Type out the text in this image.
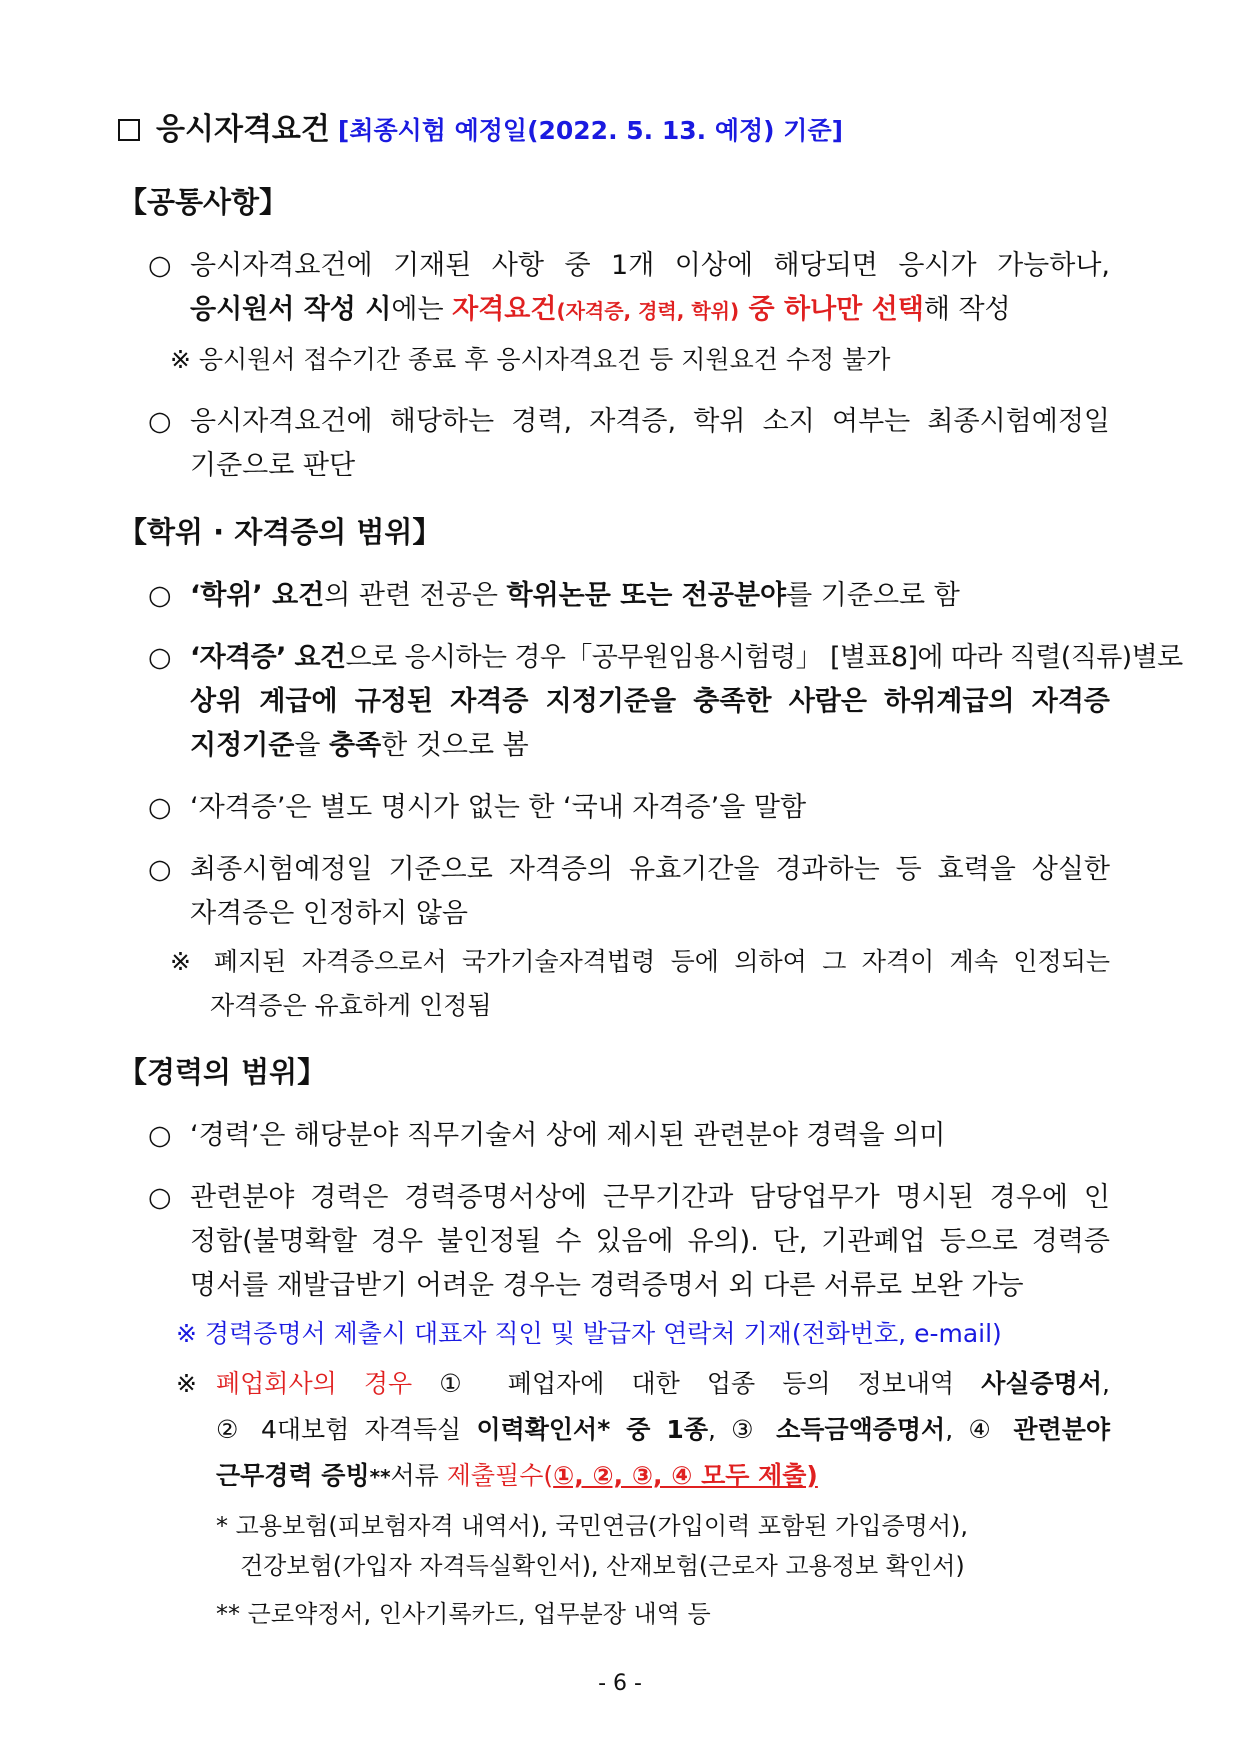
응시자격요건 [최종시험 예정일(2022. 5. 13. 예정) 기준]
【공통사항】
○ 응시자격요건에 기재된 사항 중 1개 이상에 해당되면 응시가 가능하나,
응시원서 작성 시에는 자격요건(자격증, 경력, 학위) 중 하나만 선택해 작성
※ 응시원서 접수기간 종료 후 응시자격요건 등 지원요건 수정 불가
○ 응시자격요건에 해당하는 경력, 자격증, 학위 소지 여부는 최종시험예정일
기준으로 판단
【학위 · 자격증의 범위】
○ ‘학위’ 요건의 관련 전공은 학위논문 또는 전공분야를 기준으로 함
○ ‘자격증’ 요건으로 응시하는 경우「공무원임용시험령」 [별표8]에 따라 직렬(직류)별로
상위 계급에 규정된 자격증 지정기준을 충족한 사람은 하위계급의 자격증
지정기준을 충족한 것으로 봄
○ ‘자격증’은 별도 명시가 없는 한 ‘국내 자격증’을 말함
○ 최종시험예정일 기준으로 자격증의 유효기간을 경과하는 등 효력을 상실한
자격증은 인정하지 않음
※ 폐지된 자격증으로서 국가기술자격법령 등에 의하여 그 자격이 계속 인정되는
자격증은 유효하게 인정됨
【경력의 범위】
○ ‘경력’은 해당분야 직무기술서 상에 제시된 관련분야 경력을 의미
○ 관련분야 경력은 경력증명서상에 근무기간과 담당업무가 명시된 경우에 인
정함(불명확할 경우 불인정될 수 있음에 유의). 단, 기관폐업 등으로 경력증
명서를 재발급받기 어려운 경우는 경력증명서 외 다른 서류로 보완 가능
※ 경력증명서 제출시 대표자 직인 및 발급자 연락처 기재(전화번호, e-mail)
※ 폐업회사의 경우 ① 폐업자에 대한 업종 등의 정보내역 사실증명서,
② 4대보험 자격득실 이력확인서* 중 1종, ③ 소득금액증명서, ④ 관련분야
근무경력 증빙**서류 제출필수(①, ②, ③, ④ 모두 제출)
* 고용보험(피보험자격 내역서), 국민연금(가입이력 포함된 가입증명서),
건강보험(가입자 자격득실확인서), 산재보험(근로자 고용정보 확인서)
** 근로약정서, 인사기록카드, 업무분장 내역 등
- 6 -
